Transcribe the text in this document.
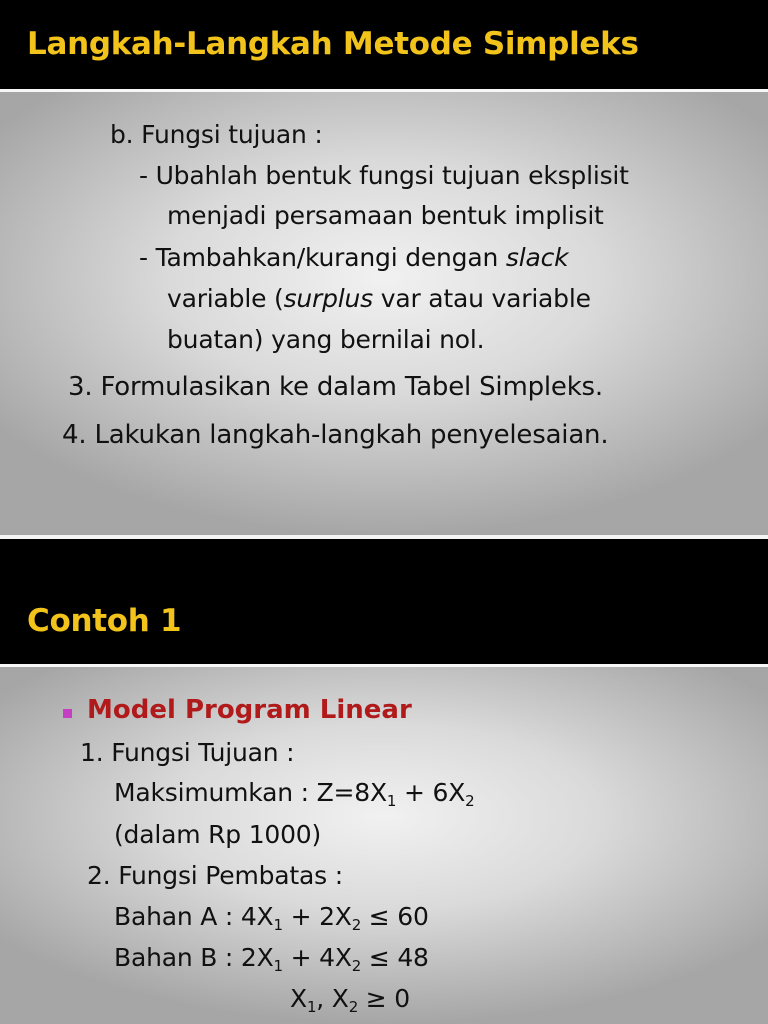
Langkah-Langkah Metode Simpleks
b. Fungsi tujuan :
- Ubahlah bentuk fungsi tujuan eksplisit
menjadi persamaan bentuk implisit
- Tambahkan/kurangi dengan slack
variable (surplus var atau variable
buatan) yang bernilai nol.
3. Formulasikan ke dalam Tabel Simpleks.
4. Lakukan langkah-langkah penyelesaian.
Contoh 1
Model Program Linear
1. Fungsi Tujuan :
Maksimumkan : $Z=8X_1 + 6X_2$
(dalam Rp 1000)
2. Fungsi Pembatas :
Bahan A : $4X_1 + 2X_2 \le 60$
Bahan B : $2X_1 + 4X_2 \le 48$
$X_1$, $X_2 \ge 0$
